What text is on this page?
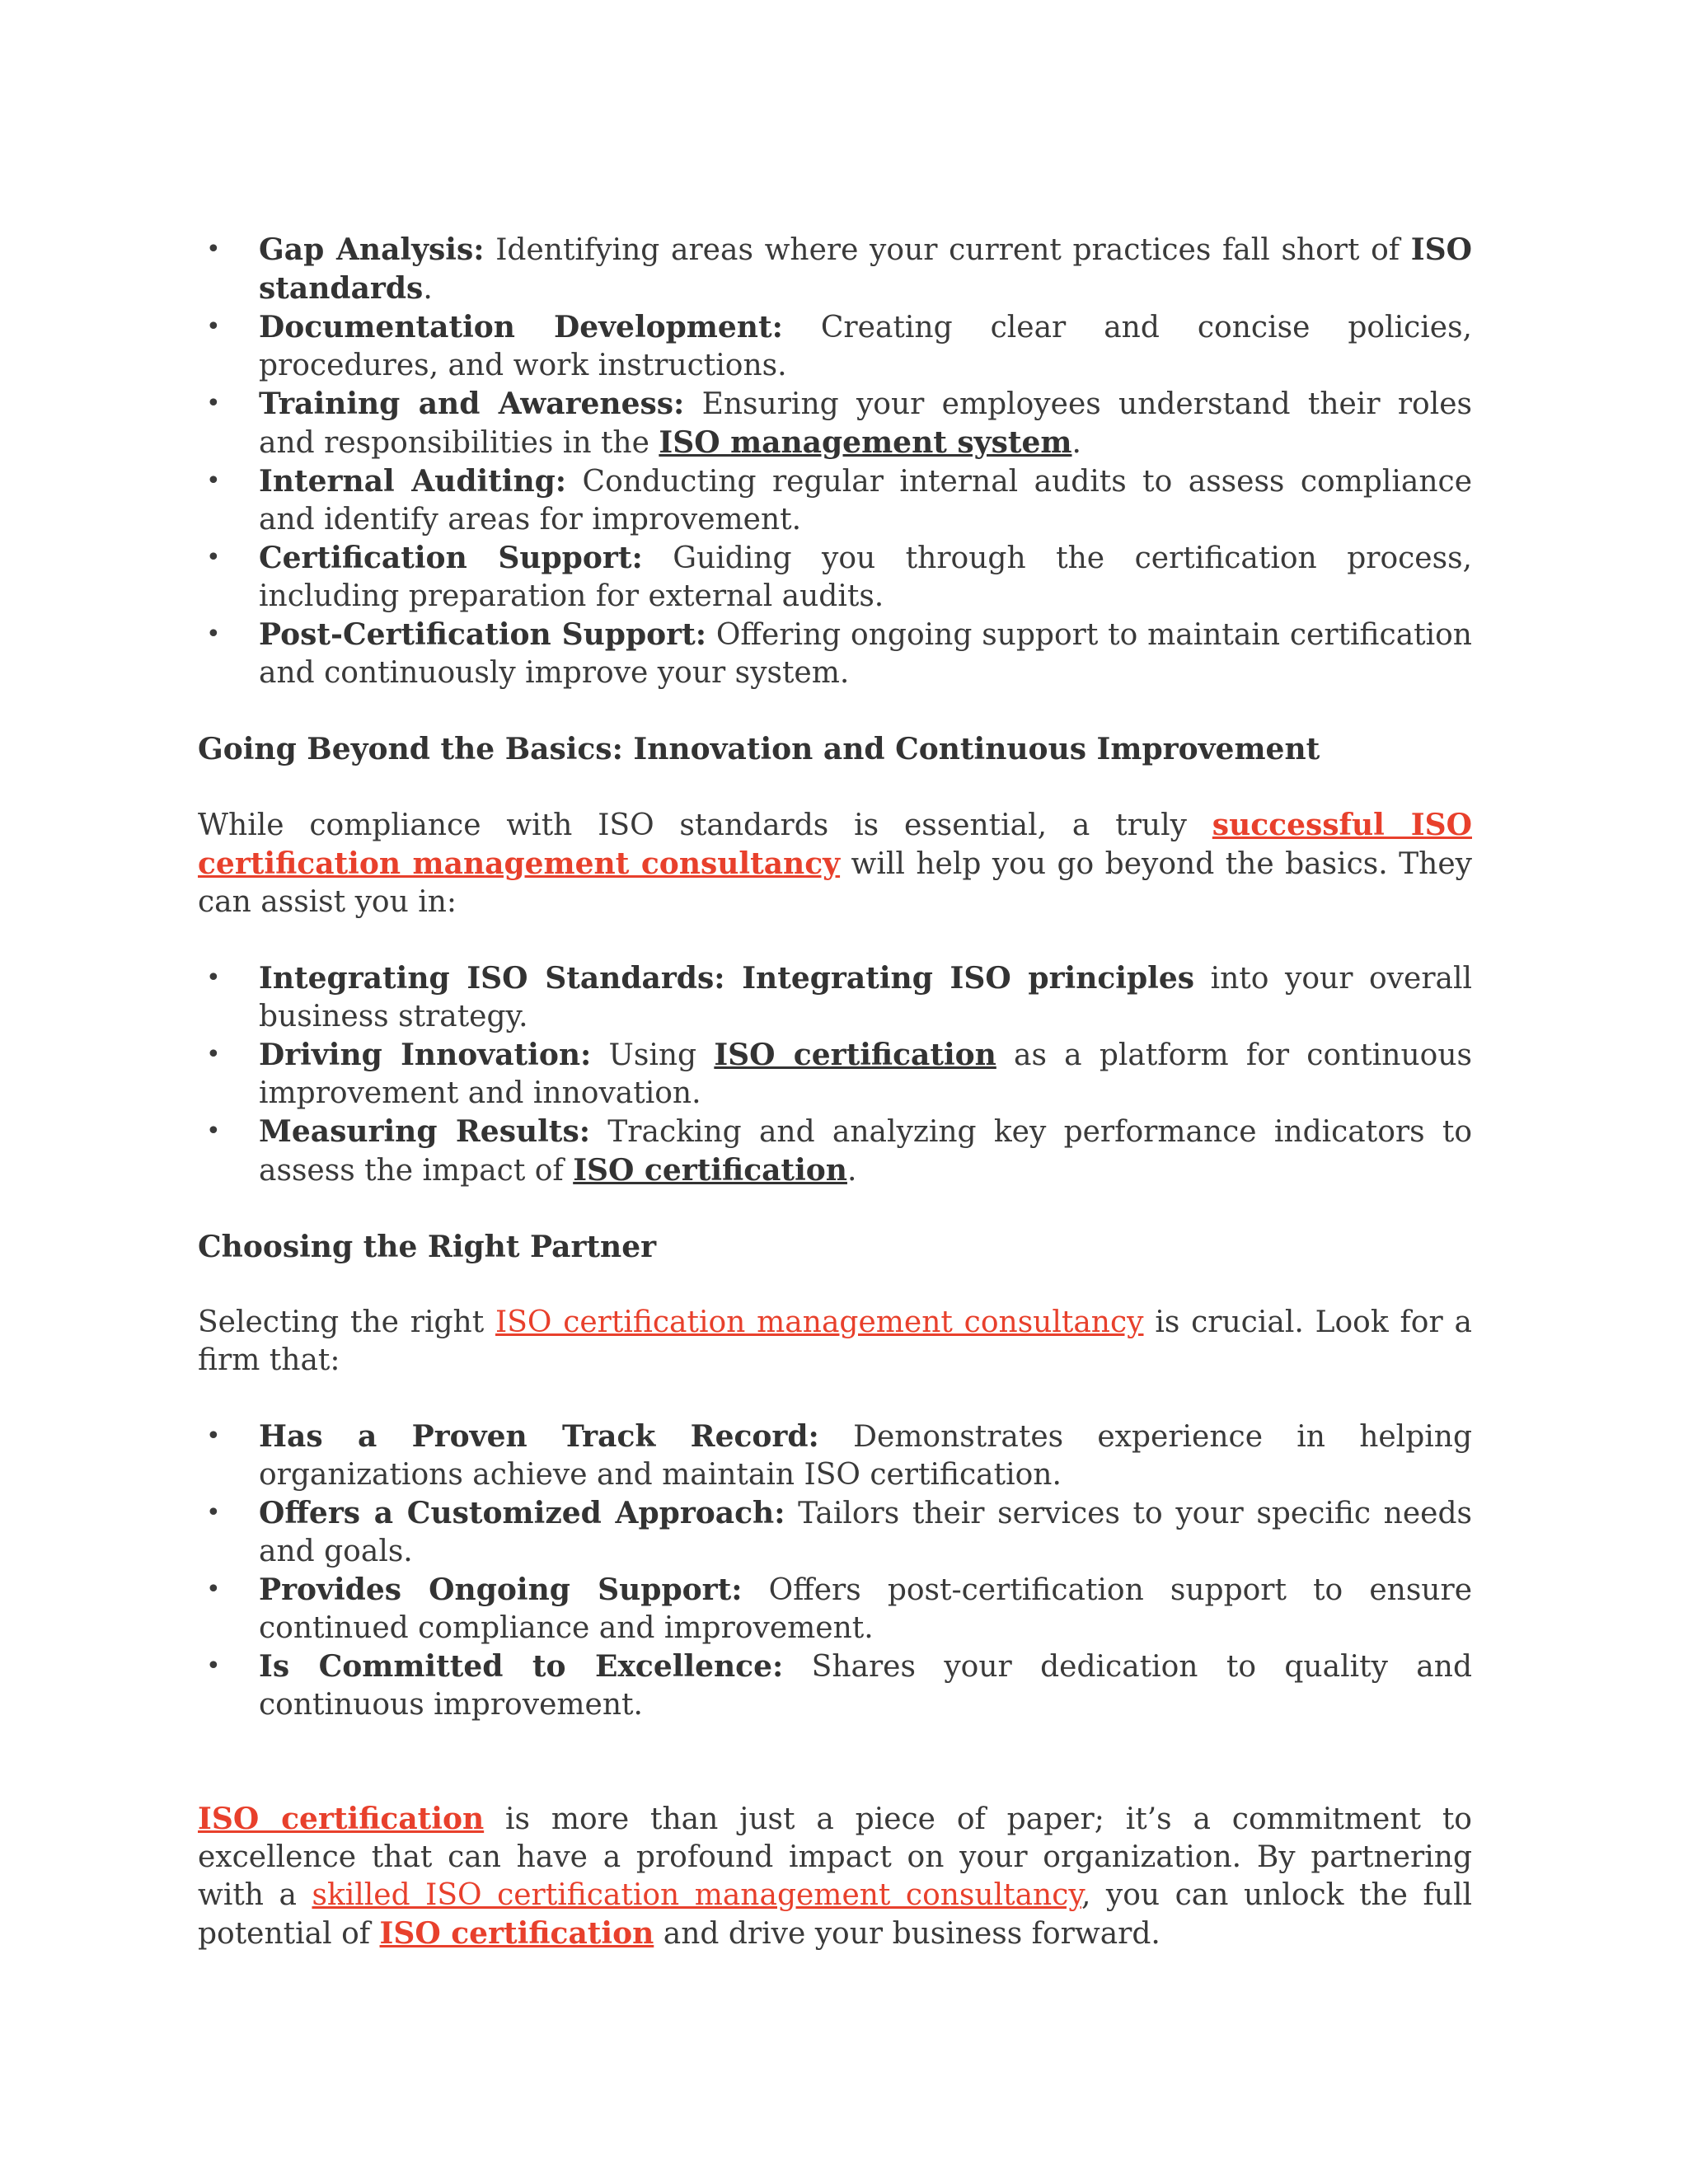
• Gap Analysis: Identifying areas where your current practices fall short of ISO standards.
• Documentation Development: Creating clear and concise policies, procedures, and work instructions.
• Training and Awareness: Ensuring your employees understand their roles and responsibilities in the ISO management system.
• Internal Auditing: Conducting regular internal audits to assess compliance and identify areas for improvement.
• Certification Support: Guiding you through the certification process, including preparation for external audits.
• Post-Certification Support: Offering ongoing support to maintain certification and continuously improve your system.
Going Beyond the Basics: Innovation and Continuous Improvement

While compliance with ISO standards is essential, a truly successful ISO certification management consultancy will help you go beyond the basics. They can assist you in:

• Integrating ISO Standards: Integrating ISO principles into your overall business strategy.
• Driving Innovation: Using ISO certification as a platform for continuous improvement and innovation.
• Measuring Results: Tracking and analyzing key performance indicators to assess the impact of ISO certification.
Choosing the Right Partner

Selecting the right ISO certification management consultancy is crucial. Look for a firm that:

• Has a Proven Track Record: Demonstrates experience in helping organizations achieve and maintain ISO certification.
• Offers a Customized Approach: Tailors their services to your specific needs and goals.
• Provides Ongoing Support: Offers post-certification support to ensure continued compliance and improvement.
• Is Committed to Excellence: Shares your dedication to quality and continuous improvement.

ISO certification is more than just a piece of paper; it’s a commitment to excellence that can have a profound impact on your organization. By partnering with a skilled ISO certification management consultancy, you can unlock the full potential of ISO certification and drive your business forward.
